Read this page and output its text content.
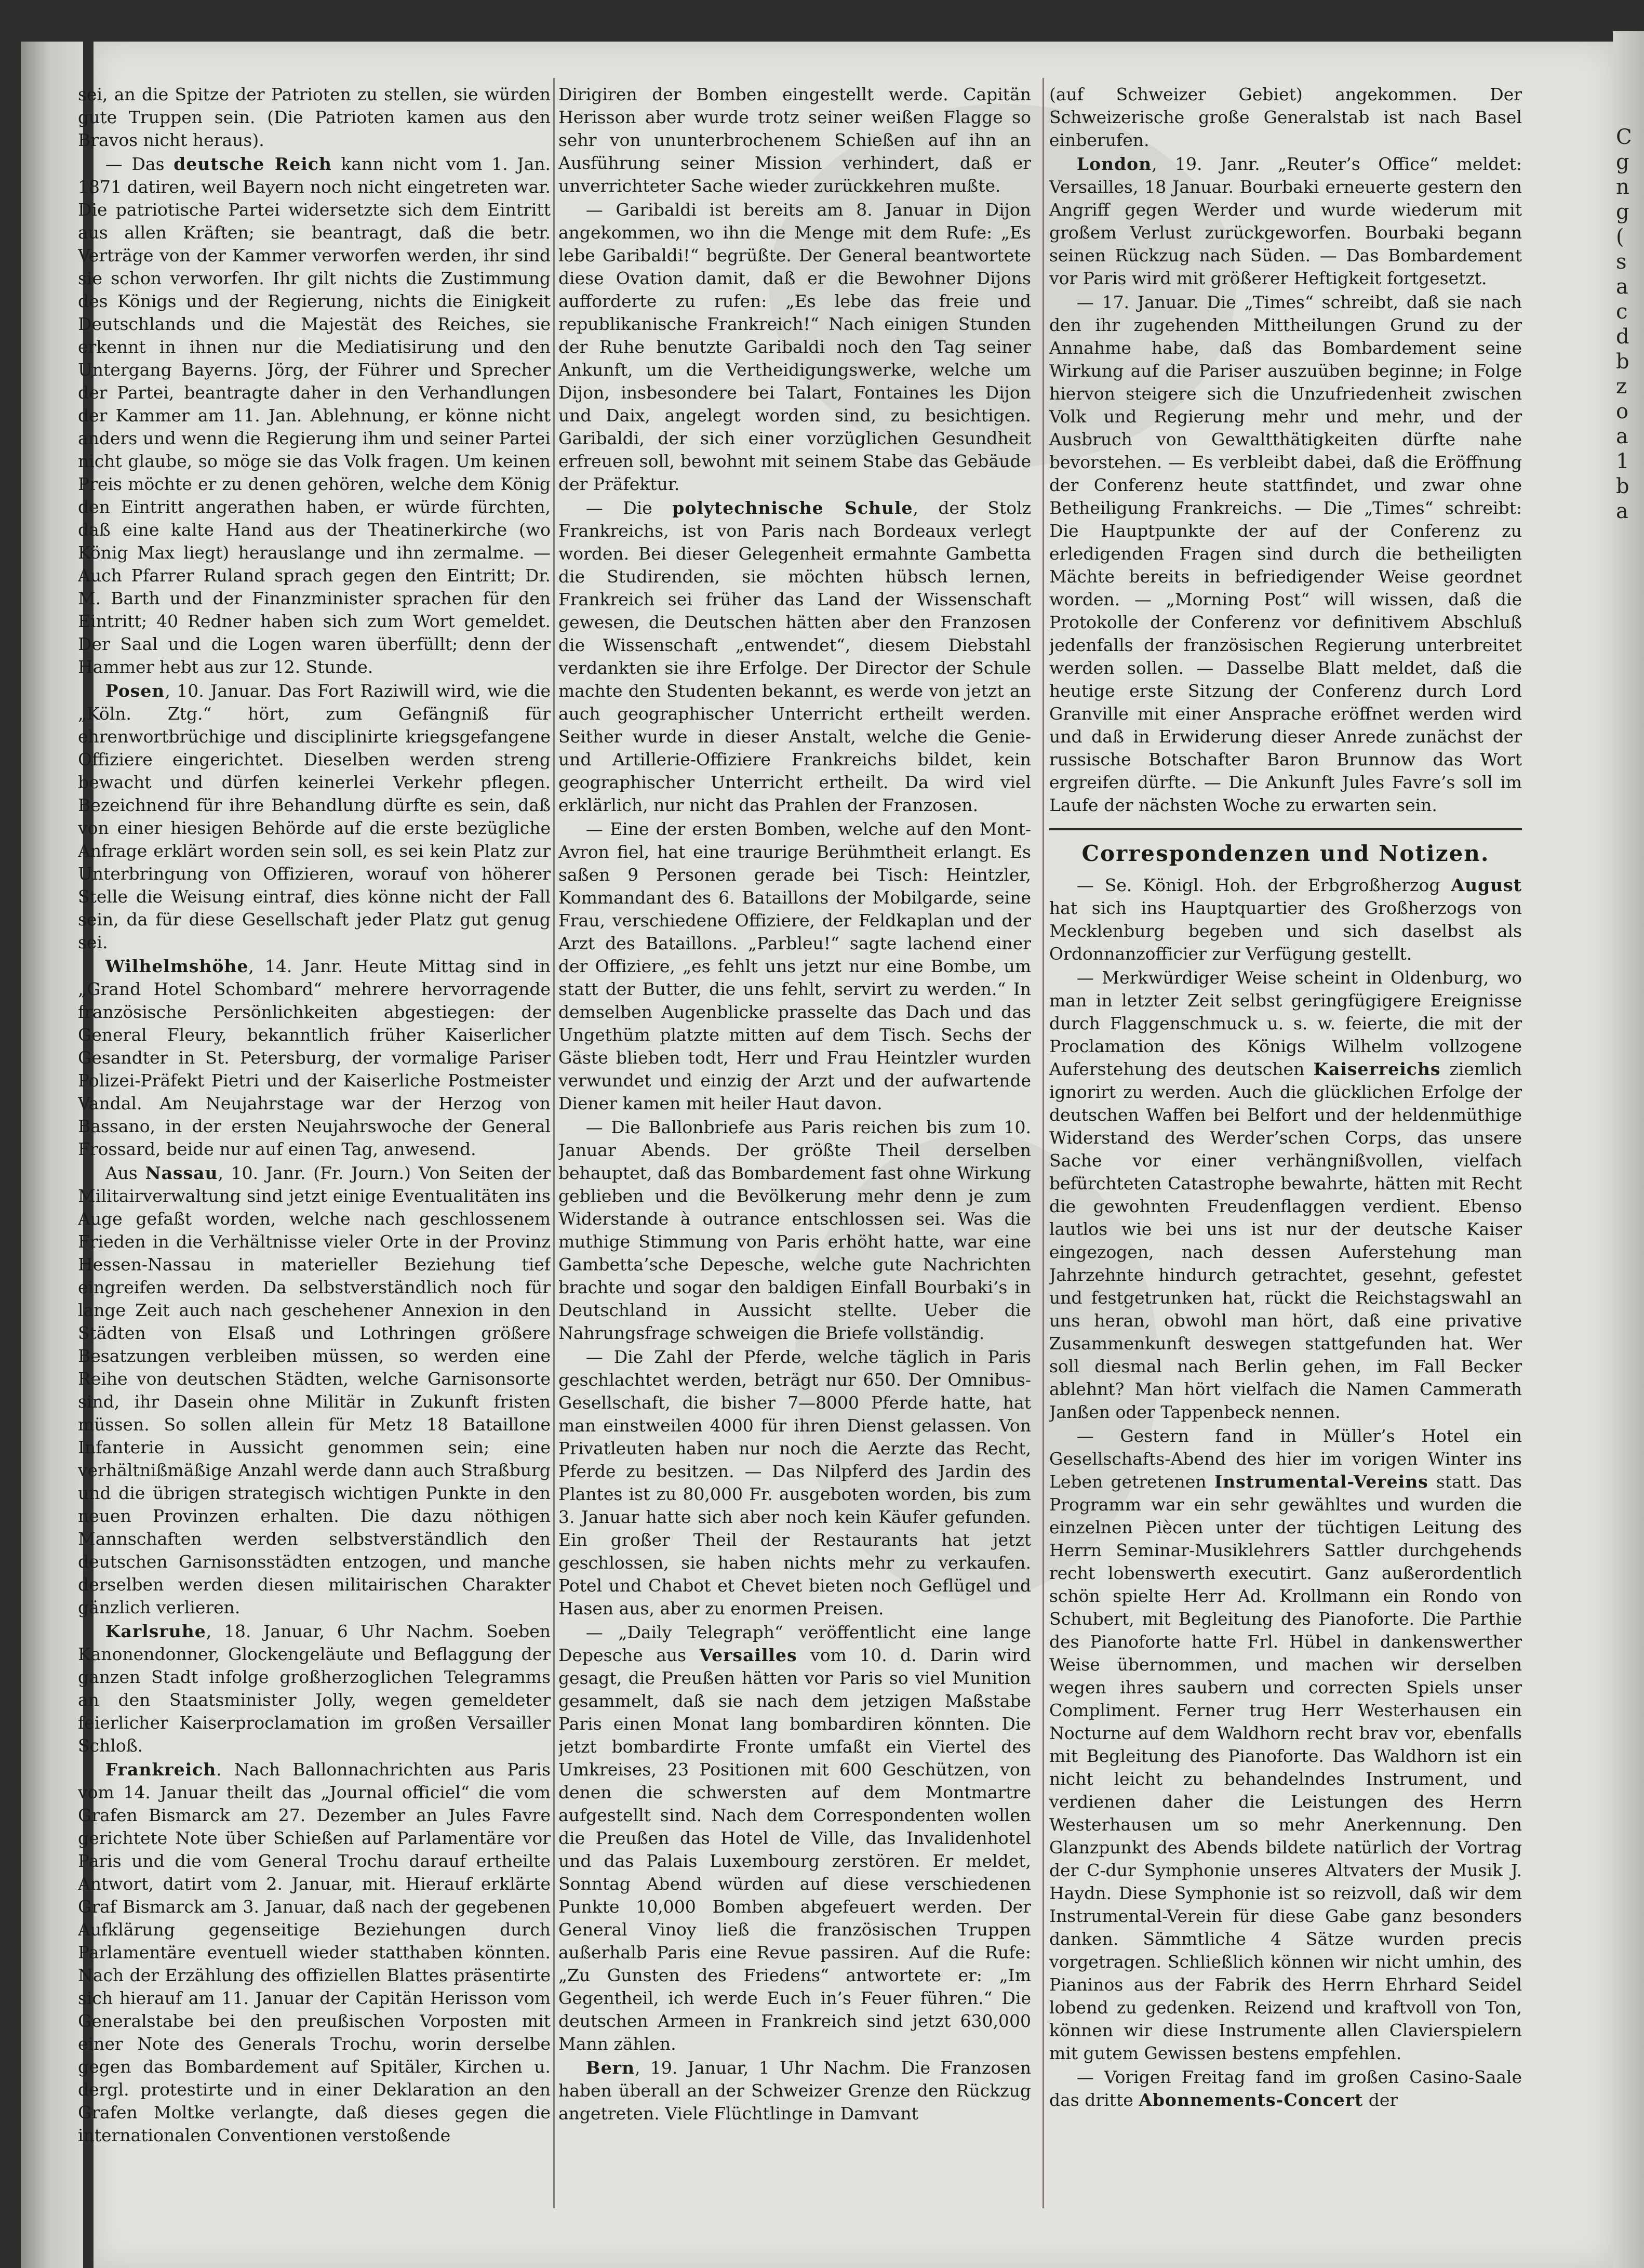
sei, an die Spitze der Patrioten zu stellen, sie würden gute Truppen sein. (Die Patrioten kamen aus den Bravos nicht heraus).

— Das deutsche Reich kann nicht vom 1. Jan. 1871 datiren, weil Bayern noch nicht eingetreten war. Die patriotische Partei widersetzte sich dem Eintritt aus allen Kräften; sie beantragt, daß die betr. Verträge von der Kammer verworfen werden, ihr sind sie schon verworfen. Ihr gilt nichts die Zustimmung des Königs und der Regierung, nichts die Einigkeit Deutschlands und die Majestät des Reiches, sie erkennt in ihnen nur die Mediatisirung und den Untergang Bayerns. Jörg, der Führer und Sprecher der Partei, beantragte daher in den Verhandlungen der Kammer am 11. Jan. Ablehnung, er könne nicht anders und wenn die Regierung ihm und seiner Partei nicht glaube, so möge sie das Volk fragen. Um keinen Preis möchte er zu denen gehören, welche dem König den Eintritt angerathen haben, er würde fürchten, daß eine kalte Hand aus der Theatinerkirche (wo König Max liegt) herauslange und ihn zermalme. — Auch Pfarrer Ruland sprach gegen den Eintritt; Dr. M. Barth und der Finanzminister sprachen für den Eintritt; 40 Redner haben sich zum Wort gemeldet. Der Saal und die Logen waren überfüllt; denn der Hammer hebt aus zur 12. Stunde.

Posen, 10. Januar. Das Fort Raziwill wird, wie die „Köln. Ztg.“ hört, zum Gefängniß für ehrenwortbrüchige und disciplinirte kriegsgefangene Offiziere eingerichtet. Dieselben werden streng bewacht und dürfen keinerlei Verkehr pflegen. Bezeichnend für ihre Behandlung dürfte es sein, daß von einer hiesigen Behörde auf die erste bezügliche Anfrage erklärt worden sein soll, es sei kein Platz zur Unterbringung von Offizieren, worauf von höherer Stelle die Weisung eintraf, dies könne nicht der Fall sein, da für diese Gesellschaft jeder Platz gut genug sei.

Wilhelmshöhe, 14. Janr. Heute Mittag sind in „Grand Hotel Schombard“ mehrere hervorragende französische Persönlichkeiten abgestiegen: der General Fleury, bekanntlich früher Kaiserlicher Gesandter in St. Petersburg, der vormalige Pariser Polizei-Präfekt Pietri und der Kaiserliche Postmeister Vandal. Am Neujahrstage war der Herzog von Bassano, in der ersten Neujahrswoche der General Frossard, beide nur auf einen Tag, anwesend.

Aus Nassau, 10. Janr. (Fr. Journ.) Von Seiten der Militairverwaltung sind jetzt einige Eventualitäten ins Auge gefaßt worden, welche nach geschlossenem Frieden in die Verhältnisse vieler Orte in der Provinz Hessen-Nassau in materieller Beziehung tief eingreifen werden. Da selbstverständlich noch für lange Zeit auch nach geschehener Annexion in den Städten von Elsaß und Lothringen größere Besatzungen verbleiben müssen, so werden eine Reihe von deutschen Städten, welche Garnisonsorte sind, ihr Dasein ohne Militär in Zukunft fristen müssen. So sollen allein für Metz 18 Bataillone Infanterie in Aussicht genommen sein; eine verhältnißmäßige Anzahl werde dann auch Straßburg und die übrigen strategisch wichtigen Punkte in den neuen Provinzen erhalten. Die dazu nöthigen Mannschaften werden selbstverständlich den deutschen Garnisonsstädten entzogen, und manche derselben werden diesen militairischen Charakter gänzlich verlieren.

Karlsruhe, 18. Januar, 6 Uhr Nachm. Soeben Kanonendonner, Glockengeläute und Beflaggung der ganzen Stadt infolge großherzoglichen Telegramms an den Staatsminister Jolly, wegen gemeldeter feierlicher Kaiserproclamation im großen Versailler Schloß.

Frankreich. Nach Ballonnachrichten aus Paris vom 14. Januar theilt das „Journal officiel“ die vom Grafen Bismarck am 27. Dezember an Jules Favre gerichtete Note über Schießen auf Parlamentäre vor Paris und die vom General Trochu darauf ertheilte Antwort, datirt vom 2. Januar, mit. Hierauf erklärte Graf Bismarck am 3. Januar, daß nach der gegebenen Aufklärung gegenseitige Beziehungen durch Parlamentäre eventuell wieder statthaben könnten. Nach der Erzählung des offiziellen Blattes präsentirte sich hierauf am 11. Januar der Capitän Herisson vom Generalstabe bei den preußischen Vorposten mit einer Note des Generals Trochu, worin derselbe gegen das Bombardement auf Spitäler, Kirchen u. dergl. protestirte und in einer Deklaration an den Grafen Moltke verlangte, daß dieses gegen die internationalen Conventionen verstoßende

Dirigiren der Bomben eingestellt werde. Capitän Herisson aber wurde trotz seiner weißen Flagge so sehr von ununterbrochenem Schießen auf ihn an Ausführung seiner Mission verhindert, daß er unverrichteter Sache wieder zurückkehren mußte.

— Garibaldi ist bereits am 8. Januar in Dijon angekommen, wo ihn die Menge mit dem Rufe: „Es lebe Garibaldi!“ begrüßte. Der General beantwortete diese Ovation damit, daß er die Bewohner Dijons aufforderte zu rufen: „Es lebe das freie und republikanische Frankreich!“ Nach einigen Stunden der Ruhe benutzte Garibaldi noch den Tag seiner Ankunft, um die Vertheidigungswerke, welche um Dijon, insbesondere bei Talart, Fontaines les Dijon und Daix, angelegt worden sind, zu besichtigen. Garibaldi, der sich einer vorzüglichen Gesundheit erfreuen soll, bewohnt mit seinem Stabe das Gebäude der Präfektur.

— Die polytechnische Schule, der Stolz Frankreichs, ist von Paris nach Bordeaux verlegt worden. Bei dieser Gelegenheit ermahnte Gambetta die Studirenden, sie möchten hübsch lernen, Frankreich sei früher das Land der Wissenschaft gewesen, die Deutschen hätten aber den Franzosen die Wissenschaft „entwendet“, diesem Diebstahl verdankten sie ihre Erfolge. Der Director der Schule machte den Studenten bekannt, es werde von jetzt an auch geographischer Unterricht ertheilt werden. Seither wurde in dieser Anstalt, welche die Genie- und Artillerie-Offiziere Frankreichs bildet, kein geographischer Unterricht ertheilt. Da wird viel erklärlich, nur nicht das Prahlen der Franzosen.

— Eine der ersten Bomben, welche auf den Mont-Avron fiel, hat eine traurige Berühmtheit erlangt. Es saßen 9 Personen gerade bei Tisch: Heintzler, Kommandant des 6. Bataillons der Mobilgarde, seine Frau, verschiedene Offiziere, der Feldkaplan und der Arzt des Bataillons. „Parbleu!“ sagte lachend einer der Offiziere, „es fehlt uns jetzt nur eine Bombe, um statt der Butter, die uns fehlt, servirt zu werden.“ In demselben Augenblicke prasselte das Dach und das Ungethüm platzte mitten auf dem Tisch. Sechs der Gäste blieben todt, Herr und Frau Heintzler wurden verwundet und einzig der Arzt und der aufwartende Diener kamen mit heiler Haut davon.

— Die Ballonbriefe aus Paris reichen bis zum 10. Januar Abends. Der größte Theil derselben behauptet, daß das Bombardement fast ohne Wirkung geblieben und die Bevölkerung mehr denn je zum Widerstande à outrance entschlossen sei. Was die muthige Stimmung von Paris erhöht hatte, war eine Gambetta’sche Depesche, welche gute Nachrichten brachte und sogar den baldigen Einfall Bourbaki’s in Deutschland in Aussicht stellte. Ueber die Nahrungsfrage schweigen die Briefe vollständig.

— Die Zahl der Pferde, welche täglich in Paris geschlachtet werden, beträgt nur 650. Der Omnibus-Gesellschaft, die bisher 7—8000 Pferde hatte, hat man einstweilen 4000 für ihren Dienst gelassen. Von Privatleuten haben nur noch die Aerzte das Recht, Pferde zu besitzen. — Das Nilpferd des Jardin des Plantes ist zu 80,000 Fr. ausgeboten worden, bis zum 3. Januar hatte sich aber noch kein Käufer gefunden. Ein großer Theil der Restaurants hat jetzt geschlossen, sie haben nichts mehr zu verkaufen. Potel und Chabot et Chevet bieten noch Geflügel und Hasen aus, aber zu enormen Preisen.

— „Daily Telegraph“ veröffentlicht eine lange Depesche aus Versailles vom 10. d. Darin wird gesagt, die Preußen hätten vor Paris so viel Munition gesammelt, daß sie nach dem jetzigen Maßstabe Paris einen Monat lang bombardiren könnten. Die jetzt bombardirte Fronte umfaßt ein Viertel des Umkreises, 23 Positionen mit 600 Geschützen, von denen die schwersten auf dem Montmartre aufgestellt sind. Nach dem Correspondenten wollen die Preußen das Hotel de Ville, das Invalidenhotel und das Palais Luxembourg zerstören. Er meldet, Sonntag Abend würden auf diese verschiedenen Punkte 10,000 Bomben abgefeuert werden. Der General Vinoy ließ die französischen Truppen außerhalb Paris eine Revue passiren. Auf die Rufe: „Zu Gunsten des Friedens“ antwortete er: „Im Gegentheil, ich werde Euch in’s Feuer führen.“ Die deutschen Armeen in Frankreich sind jetzt 630,000 Mann zählen.

Bern, 19. Januar, 1 Uhr Nachm. Die Franzosen haben überall an der Schweizer Grenze den Rückzug angetreten. Viele Flüchtlinge in Damvant

(auf Schweizer Gebiet) angekommen. Der Schweizerische große Generalstab ist nach Basel einberufen.

London, 19. Janr. „Reuter’s Office“ meldet: Versailles, 18 Januar. Bourbaki erneuerte gestern den Angriff gegen Werder und wurde wiederum mit großem Verlust zurückgeworfen. Bourbaki begann seinen Rückzug nach Süden. — Das Bombardement vor Paris wird mit größerer Heftigkeit fortgesetzt.

— 17. Januar. Die „Times“ schreibt, daß sie nach den ihr zugehenden Mittheilungen Grund zu der Annahme habe, daß das Bombardement seine Wirkung auf die Pariser auszuüben beginne; in Folge hiervon steigere sich die Unzufriedenheit zwischen Volk und Regierung mehr und mehr, und der Ausbruch von Gewaltthätigkeiten dürfte nahe bevorstehen. — Es verbleibt dabei, daß die Eröffnung der Conferenz heute stattfindet, und zwar ohne Betheiligung Frankreichs. — Die „Times“ schreibt: Die Hauptpunkte der auf der Conferenz zu erledigenden Fragen sind durch die betheiligten Mächte bereits in befriedigender Weise geordnet worden. — „Morning Post“ will wissen, daß die Protokolle der Conferenz vor definitivem Abschluß jedenfalls der französischen Regierung unterbreitet werden sollen. — Dasselbe Blatt meldet, daß die heutige erste Sitzung der Conferenz durch Lord Granville mit einer Ansprache eröffnet werden wird und daß in Erwiderung dieser Anrede zunächst der russische Botschafter Baron Brunnow das Wort ergreifen dürfte. — Die Ankunft Jules Favre’s soll im Laufe der nächsten Woche zu erwarten sein.

Correspondenzen und Notizen.

— Se. Königl. Hoh. der Erbgroßherzog August hat sich ins Hauptquartier des Großherzogs von Mecklenburg begeben und sich daselbst als Ordonnanzofficier zur Verfügung gestellt.

— Merkwürdiger Weise scheint in Oldenburg, wo man in letzter Zeit selbst geringfügigere Ereignisse durch Flaggenschmuck u. s. w. feierte, die mit der Proclamation des Königs Wilhelm vollzogene Auferstehung des deutschen Kaiserreichs ziemlich ignorirt zu werden. Auch die glücklichen Erfolge der deutschen Waffen bei Belfort und der heldenmüthige Widerstand des Werder’schen Corps, das unsere Sache vor einer verhängnißvollen, vielfach befürchteten Catastrophe bewahrte, hätten mit Recht die gewohnten Freudenflaggen verdient. Ebenso lautlos wie bei uns ist nur der deutsche Kaiser eingezogen, nach dessen Auferstehung man Jahrzehnte hindurch getrachtet, gesehnt, gefestet und festgetrunken hat, rückt die Reichstagswahl an uns heran, obwohl man hört, daß eine privative Zusammenkunft deswegen stattgefunden hat. Wer soll diesmal nach Berlin gehen, im Fall Becker ablehnt? Man hört vielfach die Namen Cammerath Janßen oder Tappenbeck nennen.

— Gestern fand in Müller’s Hotel ein Gesellschafts-Abend des hier im vorigen Winter ins Leben getretenen Instrumental-Vereins statt. Das Programm war ein sehr gewähltes und wurden die einzelnen Piècen unter der tüchtigen Leitung des Herrn Seminar-Musiklehrers Sattler durchgehends recht lobenswerth executirt. Ganz außerordentlich schön spielte Herr Ad. Krollmann ein Rondo von Schubert, mit Begleitung des Pianoforte. Die Parthie des Pianoforte hatte Frl. Hübel in dankenswerther Weise übernommen, und machen wir derselben wegen ihres saubern und correcten Spiels unser Compliment. Ferner trug Herr Westerhausen ein Nocturne auf dem Waldhorn recht brav vor, ebenfalls mit Begleitung des Pianoforte. Das Waldhorn ist ein nicht leicht zu behandelndes Instrument, und verdienen daher die Leistungen des Herrn Westerhausen um so mehr Anerkennung. Den Glanzpunkt des Abends bildete natürlich der Vortrag der C-dur Symphonie unseres Altvaters der Musik J. Haydn. Diese Symphonie ist so reizvoll, daß wir dem Instrumental-Verein für diese Gabe ganz besonders danken. Sämmtliche 4 Sätze wurden precis vorgetragen. Schließlich können wir nicht umhin, des Pianinos aus der Fabrik des Herrn Ehrhard Seidel lobend zu gedenken. Reizend und kraftvoll von Ton, können wir diese Instrumente allen Clavierspielern mit gutem Gewissen bestens empfehlen.

— Vorigen Freitag fand im großen Casino-Saale das dritte Abonnements-Concert der

C
g
n
g
(
s
a
c
d
b
z
o
a
1
b
a
